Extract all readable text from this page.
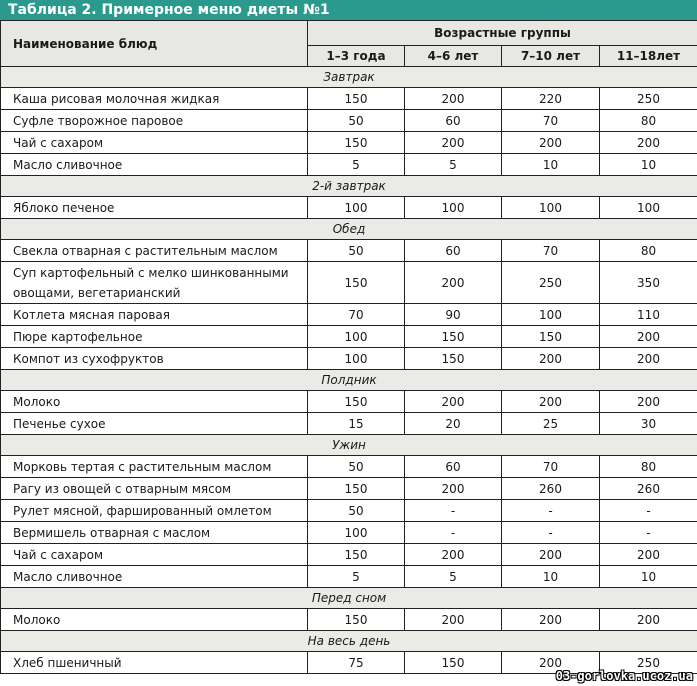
Таблица 2. Примерное меню диеты №1
Наименование блюд	Возрастные группы			
	1–3 года	4–6 лет	7–10 лет	11–18лет
Завтрак				
Каша рисовая молочная жидкая	150	200	220	250
Суфле творожное паровое	50	60	70	80
Чай с сахаром	150	200	200	200
Масло сливочное	5	5	10	10
2-й завтрак				
Яблоко печеное	100	100	100	100
Обед				
Свекла отварная с растительным маслом	50	60	70	80
Суп картофельный с мелко шинкованными овощами, вегетарианский	150	200	250	350
Котлета мясная паровая	70	90	100	110
Пюре картофельное	100	150	150	200
Компот из сухофруктов	100	150	200	200
Полдник				
Молоко	150	200	200	200
Печенье сухое	15	20	25	30
Ужин				
Морковь тертая с растительным маслом	50	60	70	80
Рагу из овощей с отварным мясом	150	200	260	260
Рулет мясной, фаршированный омлетом	50	-	-	-
Вермишель отварная с маслом	100	-	-	-
Чай с сахаром	150	200	200	200
Масло сливочное	5	5	10	10
Перед сном				
Молоко	150	200	200	200
На весь день				
Хлеб пшеничный	75	150	200	250
03-gorlovka.ucoz.ua
